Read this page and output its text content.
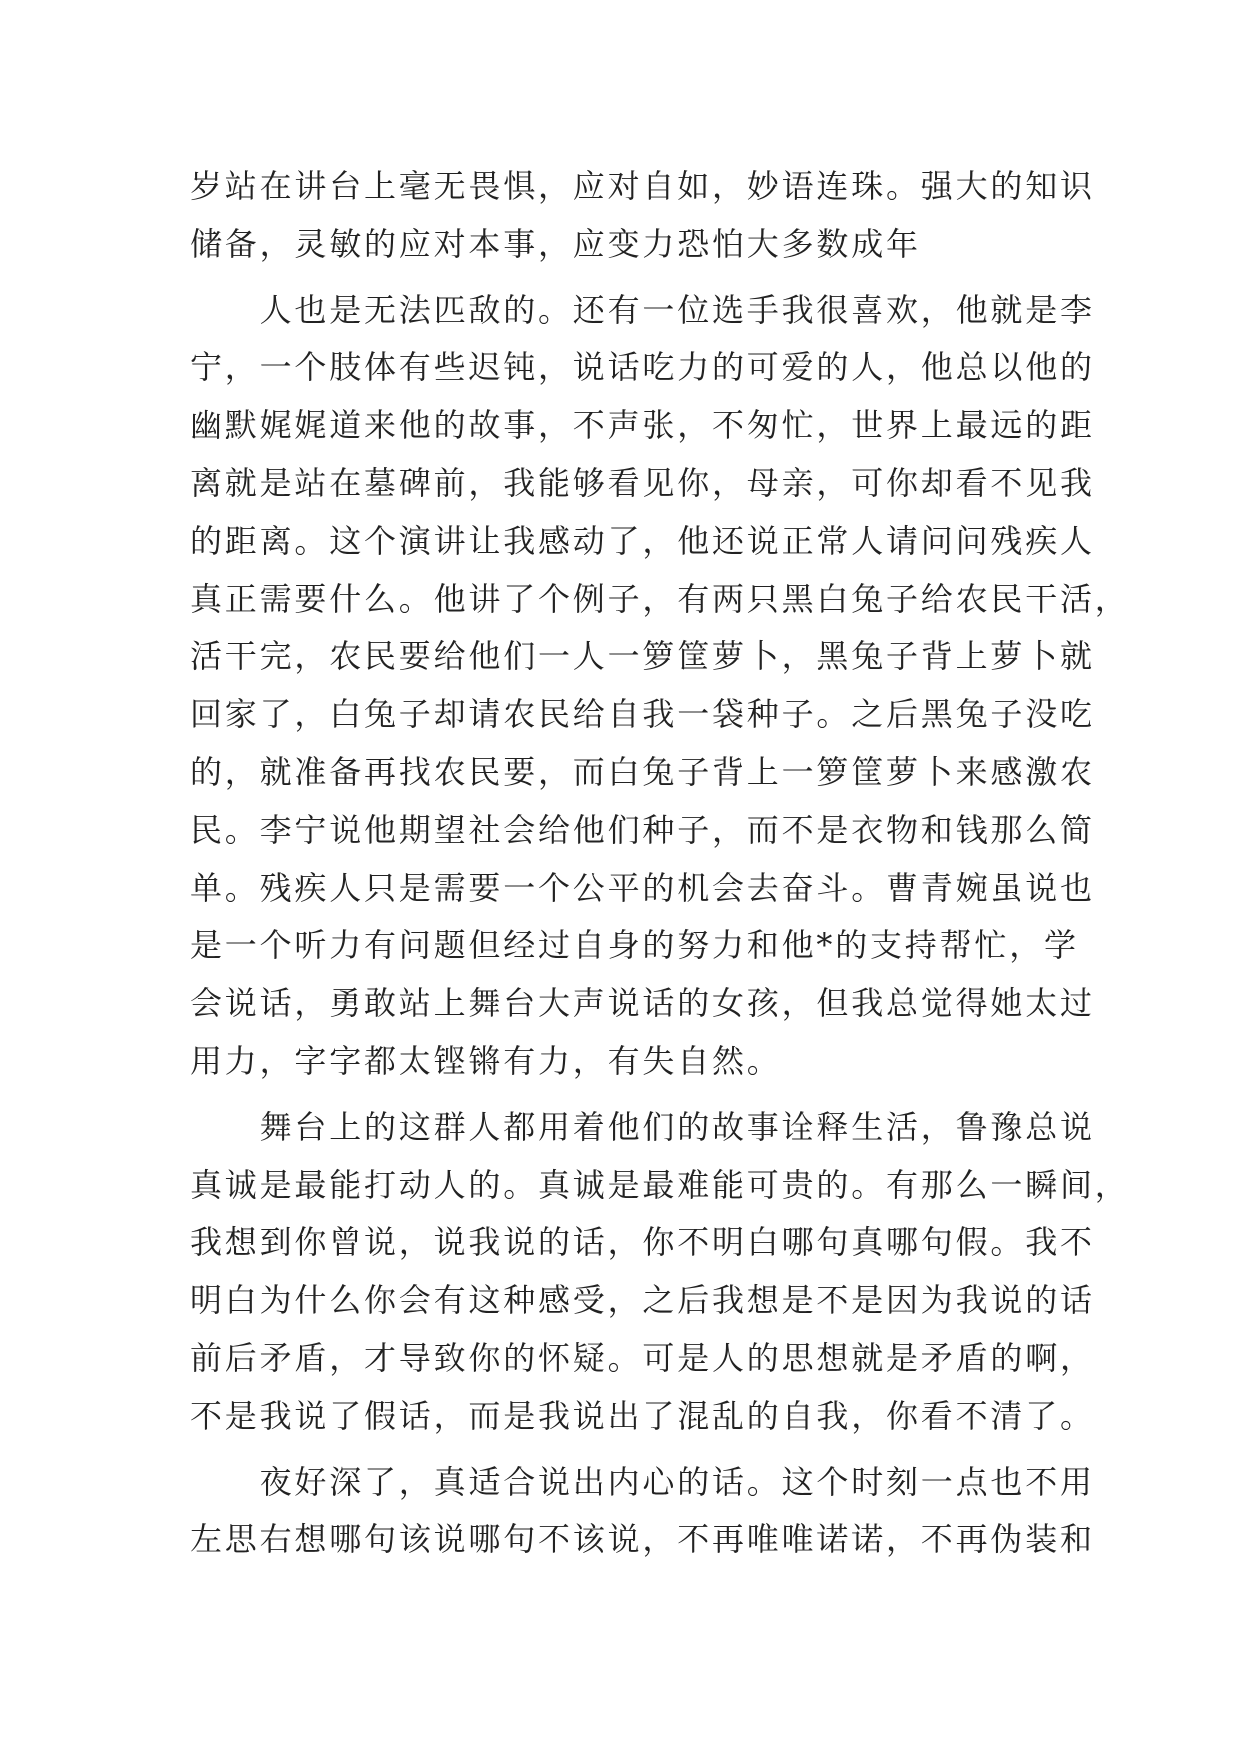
岁站在讲台上毫无畏惧，应对自如，妙语连珠。强大的知识
储备，灵敏的应对本事，应变力恐怕大多数成年
　　人也是无法匹敌的。还有一位选手我很喜欢，他就是李
宁，一个肢体有些迟钝，说话吃力的可爱的人，他总以他的
幽默娓娓道来他的故事，不声张，不匆忙，世界上最远的距
离就是站在墓碑前，我能够看见你，母亲，可你却看不见我
的距离。这个演讲让我感动了，他还说正常人请问问残疾人
真正需要什么。他讲了个例子，有两只黑白兔子给农民干活，
活干完，农民要给他们一人一箩筐萝卜，黑兔子背上萝卜就
回家了，白兔子却请农民给自我一袋种子。之后黑兔子没吃
的，就准备再找农民要，而白兔子背上一箩筐萝卜来感激农
民。李宁说他期望社会给他们种子，而不是衣物和钱那么简
单。残疾人只是需要一个公平的机会去奋斗。曹青婉虽说也
是一个听力有问题但经过自身的努力和他*的支持帮忙，学
会说话，勇敢站上舞台大声说话的女孩，但我总觉得她太过
用力，字字都太铿锵有力，有失自然。
　　舞台上的这群人都用着他们的故事诠释生活，鲁豫总说
真诚是最能打动人的。真诚是最难能可贵的。有那么一瞬间，
我想到你曾说，说我说的话，你不明白哪句真哪句假。我不
明白为什么你会有这种感受，之后我想是不是因为我说的话
前后矛盾，才导致你的怀疑。可是人的思想就是矛盾的啊，
不是我说了假话，而是我说出了混乱的自我，你看不清了。
　　夜好深了，真适合说出内心的话。这个时刻一点也不用
左思右想哪句该说哪句不该说，不再唯唯诺诺，不再伪装和
